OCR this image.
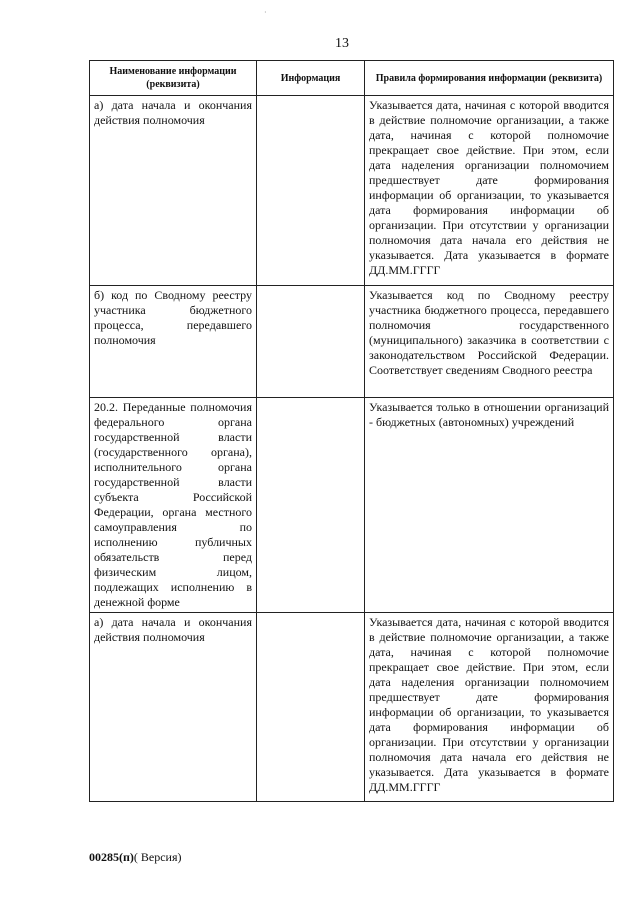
·
13
Наименование информации (реквизита)	Информация	Правила формирования информации (реквизита)
а) дата начала и окончания действия полномочия		Указывается дата, начиная с которой вводится в действие полномочие организации, а также дата, начиная с которой полномочие прекращает свое действие. При этом, если дата наделения организации полномочием предшествует дате формирования информации об организации, то указывается дата формирования информации об организации. При отсутствии у организации полномочия дата начала его действия не указывается. Дата указывается в формате ДД.ММ.ГГГГ
б) код по Сводному реестру участника бюджетного процесса, передавшего полномочия		Указывается код по Сводному реестру участника бюджетного процесса, передавшего полномочия государственного (муниципального) заказчика в соответствии с законодательством Российской Федерации. Соответствует сведениям Сводного реестра
20.2. Переданные полномочия федерального органа государственной власти (государственного органа), исполнительного органа государственной власти субъекта Российской Федерации, органа местного самоуправления по исполнению публичных обязательств перед физическим лицом, подлежащих исполнению в денежной форме		Указывается только в отношении организаций - бюджетных (автономных) учреждений
а) дата начала и окончания действия полномочия		Указывается дата, начиная с которой вводится в действие полномочие организации, а также дата, начиная с которой полномочие прекращает свое действие. При этом, если дата наделения организации полномочием предшествует дате формирования информации об организации, то указывается дата формирования информации об организации. При отсутствии у организации полномочия дата начала его действия не указывается. Дата указывается в формате ДД.ММ.ГГГГ
00285(п)( Версия)
